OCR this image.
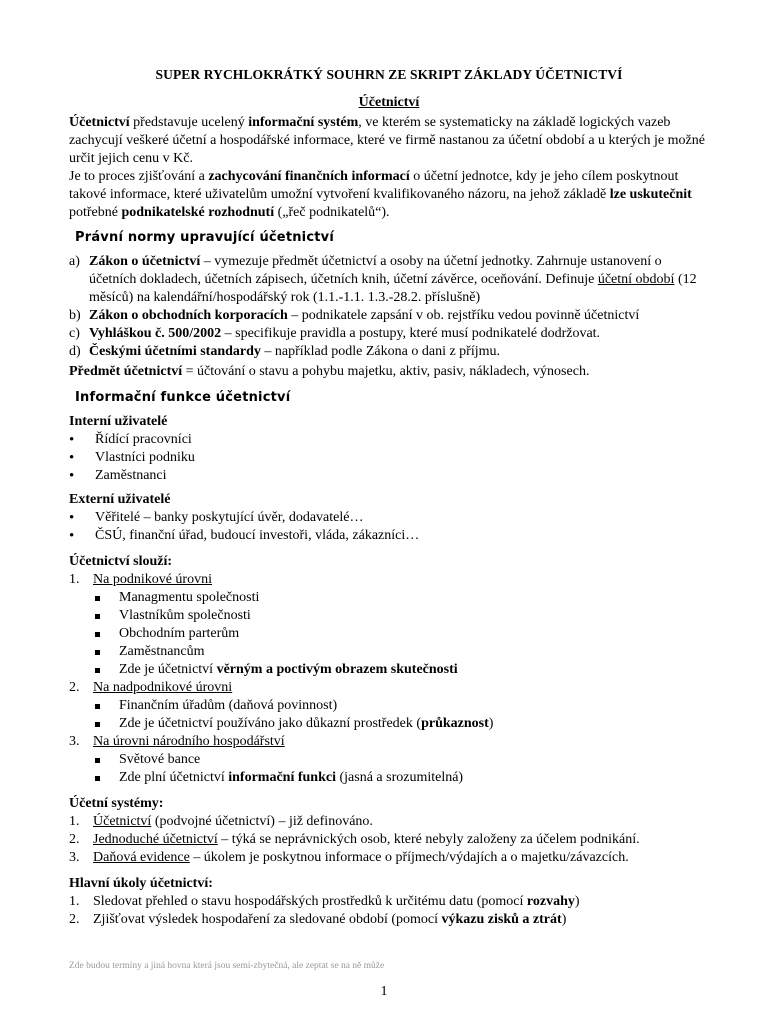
SUPER RYCHLOKRÁTKÝ SOUHRN ZE SKRIPT ZÁKLADY ÚČETNICTVÍ
Účetnictví

Účetnictví představuje ucelený informační systém, ve kterém se systematicky na základě logických vazeb zachycují veškeré účetní a hospodářské informace, které ve firmě nastanou za účetní období a u kterých je možné určit jejich cenu v Kč.

Je to proces zjišťování a zachycování finančních informací o účetní jednotce, kdy je jeho cílem poskytnout takové informace, které uživatelům umožní vytvoření kvalifikovaného názoru, na jehož základě lze uskutečnit potřebné podnikatelské rozhodnutí („řeč podnikatelů“).

Právní normy upravující účetnictví
a) Zákon o účetnictví – vymezuje předmět účetnictví a osoby na účetní jednotky. Zahrnuje ustanovení o účetních dokladech, účetních zápisech, účetních knih, účetní závěrce, oceňování. Definuje účetní období (12 měsíců) na kalendářní/hospodářský rok (1.1.-1.1. 1.3.-28.2. příslušně)
b) Zákon o obchodních korporacích – podnikatele zapsání v ob. rejstříku vedou povinně účetnictví
c) Vyhláškou č. 500/2002 – specifikuje pravidla a postupy, které musí podnikatelé dodržovat.
d) Českými účetními standardy – například podle Zákona o dani z příjmu.

Předmět účetnictví = účtování o stavu a pohybu majetku, aktiv, pasiv, nákladech, výnosech.

Informační funkce účetnictví
Interní uživatelé
• Řídící pracovníci
• Vlastníci podniku
• Zaměstnanci
Externí uživatelé
• Věřitelé – banky poskytující úvěr, dodavatelé…
• ČSÚ, finanční úřad, budoucí investoři, vláda, zákazníci…
Účetnictví slouží:
1. Na podnikové úrovni
Managmentu společnosti
Vlastníkům společnosti
Obchodním parterům
Zaměstnancům
Zde je účetnictví věrným a poctivým obrazem skutečnosti
2. Na nadpodnikové úrovni
Finančním úřadům (daňová povinnost)
Zde je účetnictví používáno jako důkazní prostředek (průkaznost)
3. Na úrovni národního hospodářství
Světové bance
Zde plní účetnictví informační funkci (jasná a srozumitelná)
Účetní systémy:
1. Účetnictví (podvojné účetnictví) – již definováno.
2. Jednoduché účetnictví – týká se neprávnických osob, které nebyly založeny za účelem podnikání.
3. Daňová evidence – úkolem je poskytnou informace o příjmech/výdajích a o majetku/závazcích.
Hlavní úkoly účetnictví:
1. Sledovat přehled o stavu hospodářských prostředků k určitému datu (pomocí rozvahy)
2. Zjišťovat výsledek hospodaření za sledované období (pomocí výkazu zisků a ztrát)
Zde budou termíny a jiná hovna která jsou semi-zbytečná, ale zeptat se na ně může
1
